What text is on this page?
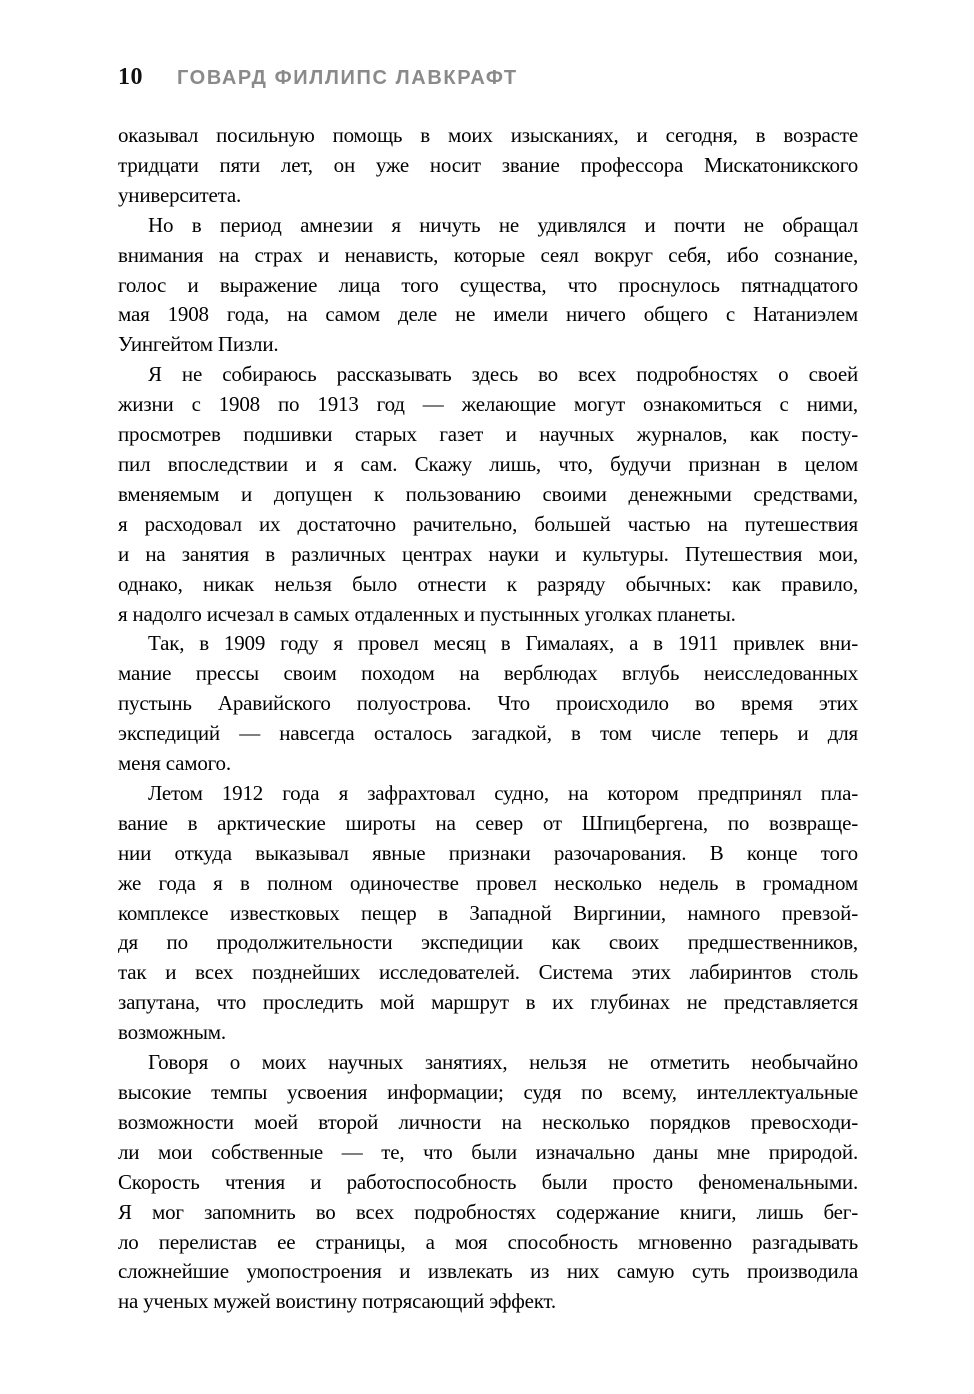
10 ГОВАРД ФИЛЛИПС ЛАВКРАФТ
оказывал посильную помощь в моих изысканиях, и сегодня, в возрасте
тридцати пяти лет, он уже носит звание профессора Мискатоникского
университета.
Но в период амнезии я ничуть не удивлялся и почти не обращал
внимания на страх и ненависть, которые сеял вокруг себя, ибо сознание,
голос и выражение лица того существа, что проснулось пятнадцатого
мая 1908 года, на самом деле не имели ничего общего с Натаниэлем
Уингейтом Пизли.
Я не собираюсь рассказывать здесь во всех подробностях о своей
жизни с 1908 по 1913 год — желающие могут ознакомиться с ними,
просмотрев подшивки старых газет и научных журналов, как посту-
пил впоследствии и я сам. Скажу лишь, что, будучи признан в целом
вменяемым и допущен к пользованию своими денежными средствами,
я расходовал их достаточно рачительно, большей частью на путешествия
и на занятия в различных центрах науки и культуры. Путешествия мои,
однако, никак нельзя было отнести к разряду обычных: как правило,
я надолго исчезал в самых отдаленных и пустынных уголках планеты.
Так, в 1909 году я провел месяц в Гималаях, а в 1911 привлек вни-
мание прессы своим походом на верблюдах вглубь неисследованных
пустынь Аравийского полуострова. Что происходило во время этих
экспедиций — навсегда осталось загадкой, в том числе теперь и для
меня самого.
Летом 1912 года я зафрахтовал судно, на котором предпринял пла-
вание в арктические широты на север от Шпицбергена, по возвраще-
нии откуда выказывал явные признаки разочарования. В конце того
же года я в полном одиночестве провел несколько недель в громадном
комплексе известковых пещер в Западной Виргинии, намного превзой-
дя по продолжительности экспедиции как своих предшественников,
так и всех позднейших исследователей. Система этих лабиринтов столь
запутана, что проследить мой маршрут в их глубинах не представляется
возможным.
Говоря о моих научных занятиях, нельзя не отметить необычайно
высокие темпы усвоения информации; судя по всему, интеллектуальные
возможности моей второй личности на несколько порядков превосходи-
ли мои собственные — те, что были изначально даны мне природой.
Скорость чтения и работоспособность были просто феноменальными.
Я мог запомнить во всех подробностях содержание книги, лишь бег-
ло перелистав ее страницы, а моя способность мгновенно разгадывать
сложнейшие умопостроения и извлекать из них самую суть производила
на ученых мужей воистину потрясающий эффект.
